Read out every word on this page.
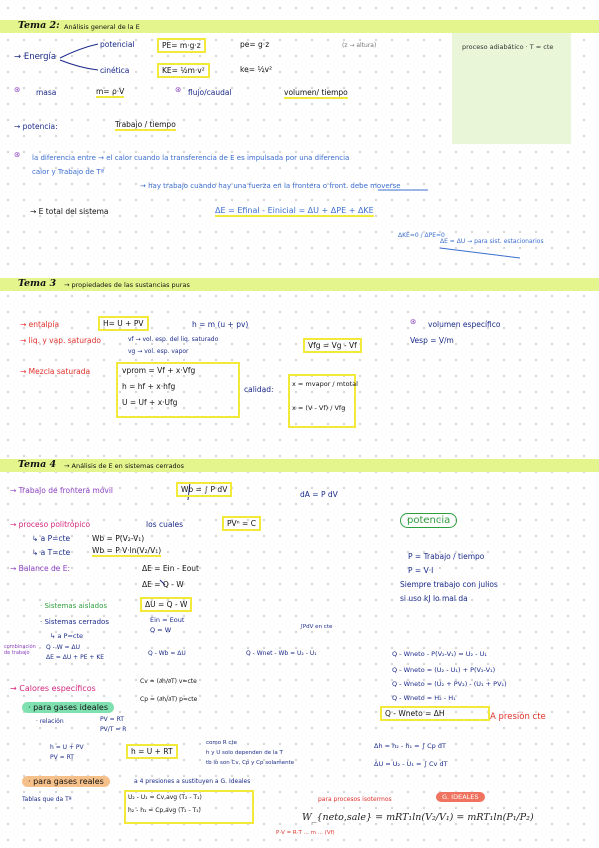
Tema 2: Análisis general de la E
proceso adiabático · T = cte
→ Energía
potencial
cinética
PE= m·g·z	pe= g·z	(z → altura)
KE= ½m·v²	ke= ½v²
⊛ masa	m= ρ·V	⊛ flujo/caudal	volumen/ tiempo
→ potencia:	Trabajo / tiempo
⊛ la diferencia entre → el calor cuando la transferencia de E es impulsada por una diferencia
calor y Trabajo de Tª
→ hay trabajo cuando hay una fuerza en la frontera o front. debe moverse
→ E total del sistema	ΔE = Efinal - Einicial = ΔU + ΔPE + ΔKE
ΔKE=0 / ΔPE=0
ΔE = ΔU → para sist. estacionarios
Tema 3 → propiedades de las sustancias puras
→ entalpía	H= U + PV	h = m (u + pv)	⊛ volumen específico
Vesp = V/m
→ liq. y vap. saturado	vf → vol. esp. del liq. saturado
vg → vol. esp. vapor
Vfg = Vg - Vf
→ Mezcla saturada	vprom = Vf + x·Vfg
h = hf + x·hfg
U = Uf + x·Ufg
calidad:
x = mvapor / mtotal
x = (V - Vf) / Vfg
Tema 4 → Análisis de E en sistemas cerrados
→ Trabajo de frontera móvil	Wb = ∫ P dV
dA = P dV
→ proceso politrópico	los cuales	PVⁿ = C	potencia
↳ a P=cte	Wb = P(V₂-V₁)
↳ a T=cte	Wb = P·V·ln(V₂/V₁)
→ Balance de E:	ΔE = Ein - Eout
ΔE = Q - W
P = Trabajo / tiempo
P = V·I
Siempre trabajo con julios
si uso kJ lo mal da
· Sistemas aislados	ΔU = Q - W
· Sistemas cerrados	Ein = Eout
Q = W
↳ a P=cte
combinación de trabajo
Q - W = ΔU
ΔE = ΔU + PE + KE
Q - Wb = ΔU	Q - Wnet - Wb = U₂ - U₁
∫PdV en cte
Q - Wneto - P(V₂-V₁) = U₂ - U₁
Q - Wneto = (U₂ - U₁) + P(V₂-V₁)
Q - Wneto = (U₂ + PV₂) - (U₁ + PV₁)
Q - Wneto = H₂ - H₁
Q - Wneto = ΔH	A presión cte
→ Calores específicos
Cv = (∂h/∂T) v=cte
Cp = (∂h/∂T) p=cte
· para gases ideales
· relación	PV = RT
PV/T = R
h = U + PV
PV = RT
h = U + RT
como R cte
h y U solo dependen de la T
tb lo son Cv, Cp y Cp solamente
Δh = h₂ - h₁ = ∫ Cp dT
ΔU = U₂ - U₁ = ∫ Cv dT
· para gases reales	a 4 presiones a sustituyen a G. Ideales
Tablas que da Tª	U₂ - U₁ = Cv,avg (T₂ - T₁)
h₂ - h₁ = Cp,avg (T₂ - T₁)
para procesos isotermos	G. IDEALES
W_{neto,sale} = mRT₁ln(V₂/V₁) = mRT₁ln(P₁/P₂)
P·V = R·T ... m ... (Vf)
